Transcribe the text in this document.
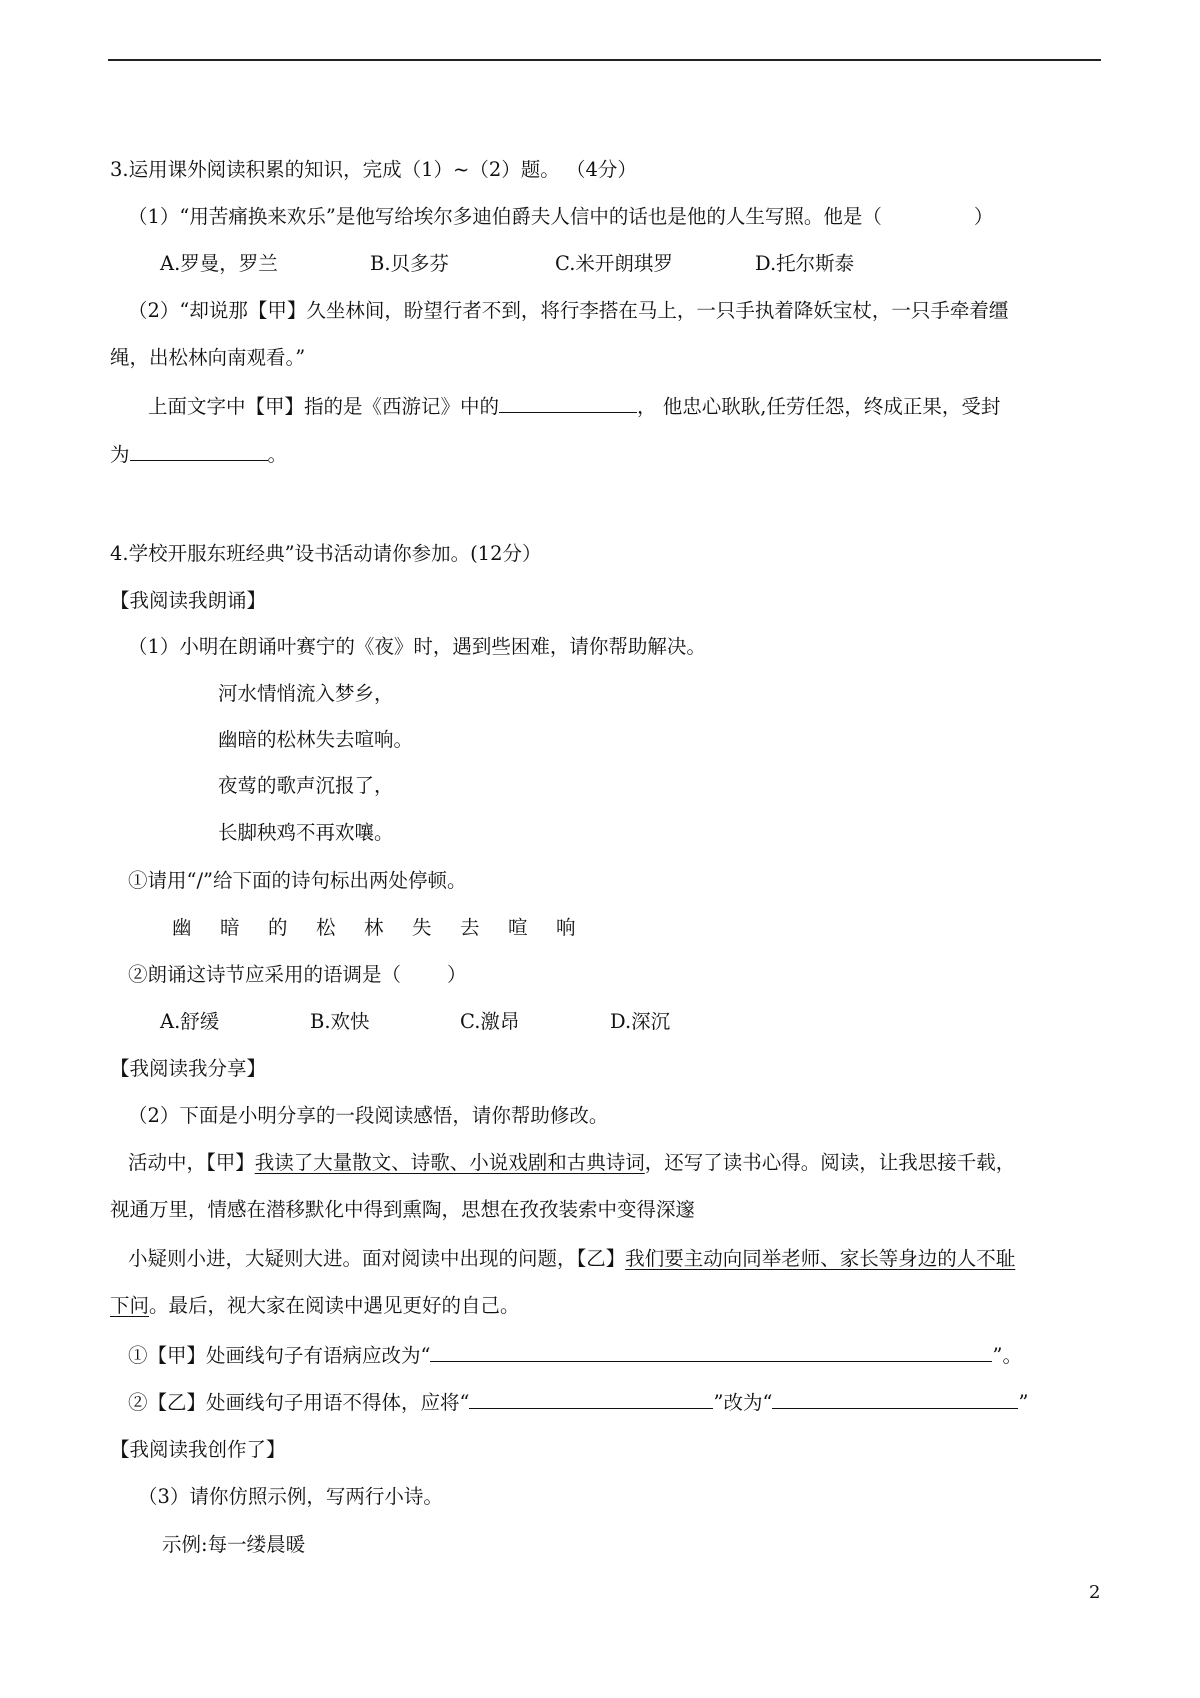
3.运用课外阅读积累的知识，完成（1）~（2）题。 （4分）
（1）“用苦痛换来欢乐”是他写给埃尔多迪伯爵夫人信中的话也是他的人生写照。他是（	）
A.罗曼，罗兰	B.贝多芬	C.米开朗琪罗	D.托尔斯泰
（2）“却说那【甲】久坐林间，盼望行者不到，将行李搭在马上，一只手执着降妖宝杖，一只手牵着缰
绳，出松林向南观看。”
上面文字中【甲】指的是《西游记》中的	， 他忠心耿耿,任劳任怨，终成正果，受封
为	。
4.学校开服东班经典”设书活动请你参加。(12分）
【我阅读我朗诵】
（1）小明在朗诵叶赛宁的《夜》时，遇到些困难，请你帮助解决。
河水情悄流入梦乡，
幽暗的松林失去喧响。
夜莺的歌声沉报了，
长脚秧鸡不再欢嚷。
①请用“/”给下面的诗句标出两处停顿。
幽 暗 的 松 林 失 去 喧 响
②朗诵这诗节应采用的语调是（ ）
A.舒缓	B.欢快	C.激昂	D.深沉
【我阅读我分享】
（2）下面是小明分享的一段阅读感悟，请你帮助修改。
活动中，【甲】我读了大量散文、诗歌、小说戏剧和古典诗词，还写了读书心得。阅读，让我思接千载，
视通万里，情感在潜移默化中得到熏陶，思想在孜孜装索中变得深邃
小疑则小进，大疑则大进。面对阅读中出现的问题，【乙】我们要主动向同举老师、家长等身边的人不耻
下问。最后，视大家在阅读中遇见更好的自己。
①【甲】处画线句子有语病应改为“	”。
②【乙】处画线句子用语不得体，应将“	”改为“	”
【我阅读我创作了】
（3）请你仿照示例，写两行小诗。
示例:每一缕晨暖
2
